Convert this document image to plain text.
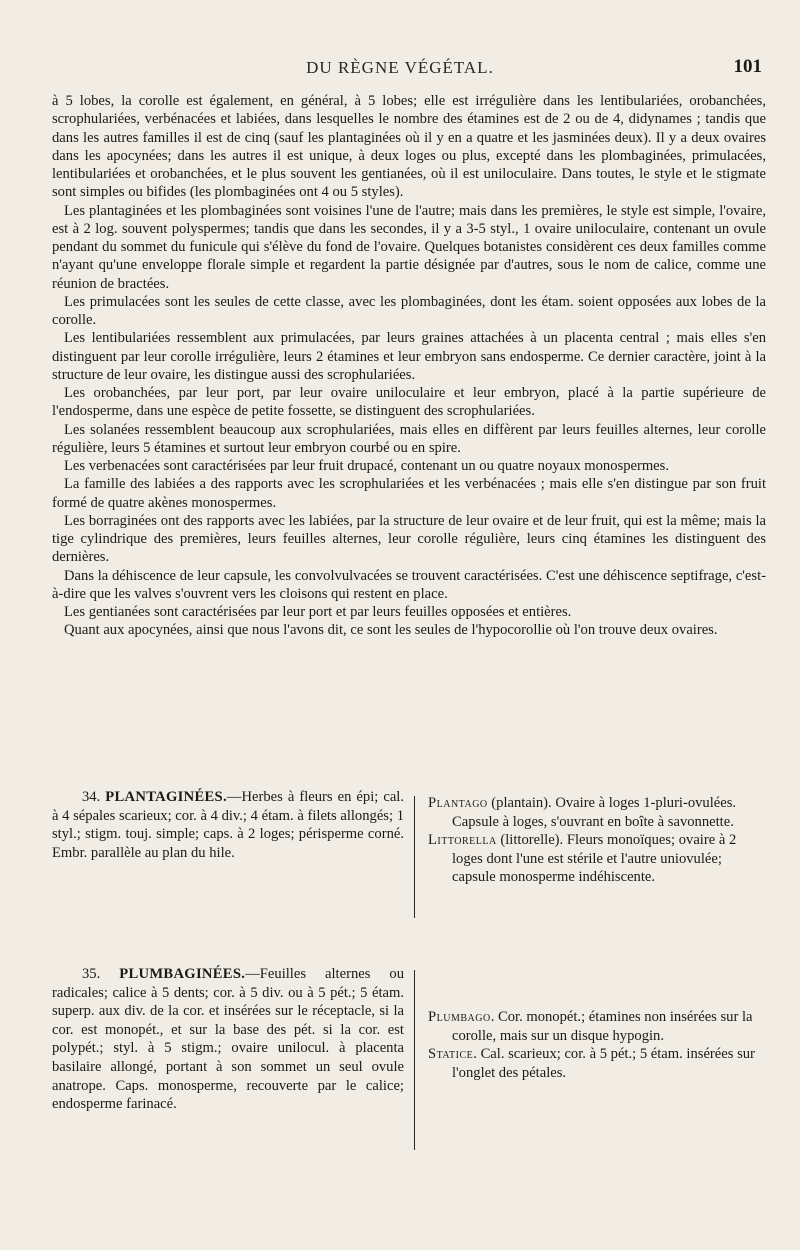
DU RÈGNE VÉGÉTAL.	101

à 5 lobes, la corolle est également, en général, à 5 lobes; elle est irrégulière dans les lentibulariées, orobanchées, scrophulariées, verbénacées et labiées, dans lesquelles le nombre des étamines est de 2 ou de 4, didynames ; tandis que dans les autres familles il est de cinq (sauf les plantaginées où il y en a quatre et les jasminées deux). Il y a deux ovaires dans les apocynées; dans les autres il est unique, à deux loges ou plus, excepté dans les plombaginées, primulacées, lentibulariées et orobanchées, et le plus souvent les gentianées, où il est uniloculaire. Dans toutes, le style et le stigmate sont simples ou bifides (les plombaginées ont 4 ou 5 styles).

Les plantaginées et les plombaginées sont voisines l'une de l'autre; mais dans les premières, le style est simple, l'ovaire, est à 2 log. souvent polyspermes; tandis que dans les secondes, il y a 3-5 styl., 1 ovaire uniloculaire, contenant un ovule pendant du sommet du funicule qui s'élève du fond de l'ovaire. Quelques botanistes considèrent ces deux familles comme n'ayant qu'une enveloppe florale simple et regardent la partie désignée par d'autres, sous le nom de calice, comme une réunion de bractées.

Les primulacées sont les seules de cette classe, avec les plombaginées, dont les étam. soient opposées aux lobes de la corolle.

Les lentibulariées ressemblent aux primulacées, par leurs graines attachées à un placenta central ; mais elles s'en distinguent par leur corolle irrégulière, leurs 2 étamines et leur embryon sans endosperme. Ce dernier caractère, joint à la structure de leur ovaire, les distingue aussi des scrophulariées.

Les orobanchées, par leur port, par leur ovaire uniloculaire et leur embryon, placé à la partie supérieure de l'endosperme, dans une espèce de petite fossette, se distinguent des scrophulariées.

Les solanées ressemblent beaucoup aux scrophulariées, mais elles en diffèrent par leurs feuilles alternes, leur corolle régulière, leurs 5 étamines et surtout leur embryon courbé ou en spire.

Les verbenacées sont caractérisées par leur fruit drupacé, contenant un ou quatre noyaux monospermes.

La famille des labiées a des rapports avec les scrophulariées et les verbénacées ; mais elle s'en distingue par son fruit formé de quatre akènes monospermes.

Les borraginées ont des rapports avec les labiées, par la structure de leur ovaire et de leur fruit, qui est la même; mais la tige cylindrique des premières, leurs feuilles alternes, leur corolle régulière, leurs cinq étamines les distinguent des dernières.

Dans la déhiscence de leur capsule, les convolvulvacées se trouvent caractérisées. C'est une déhiscence septifrage, c'est-à-dire que les valves s'ouvrent vers les cloisons qui restent en place.

Les gentianées sont caractérisées par leur port et par leurs feuilles opposées et entières.

Quant aux apocynées, ainsi que nous l'avons dit, ce sont les seules de l'hypocorollie où l'on trouve deux ovaires.

34. PLANTAGINÉES.—Herbes à fleurs en épi; cal. à 4 sépales scarieux; cor. à 4 div.; 4 étam. à filets allongés; 1 styl.; stigm. touj. simple; caps. à 2 loges; périsperme corné. Embr. parallèle au plan du hile.
Plantago (plantain). Ovaire à loges 1-pluri-ovulées. Capsule à loges, s'ouvrant en boîte à savonnette.
Littorella (littorelle). Fleurs monoïques; ovaire à 2 loges dont l'une est stérile et l'autre uniovulée; capsule monosperme indéhiscente.
35. PLUMBAGINÉES.—Feuilles alternes ou radicales; calice à 5 dents; cor. à 5 div. ou à 5 pét.; 5 étam. superp. aux div. de la cor. et insérées sur le réceptacle, si la cor. est monopét., et sur la base des pét. si la cor. est polypét.; styl. à 5 stigm.; ovaire unilocul. à placenta basilaire allongé, portant à son sommet un seul ovule anatrope. Caps. monosperme, recouverte par le calice; endosperme farinacé.
Plumbago. Cor. monopét.; étamines non insérées sur la corolle, mais sur un disque hypogin.
Statice. Cal. scarieux; cor. à 5 pét.; 5 étam. insérées sur l'onglet des pétales.
